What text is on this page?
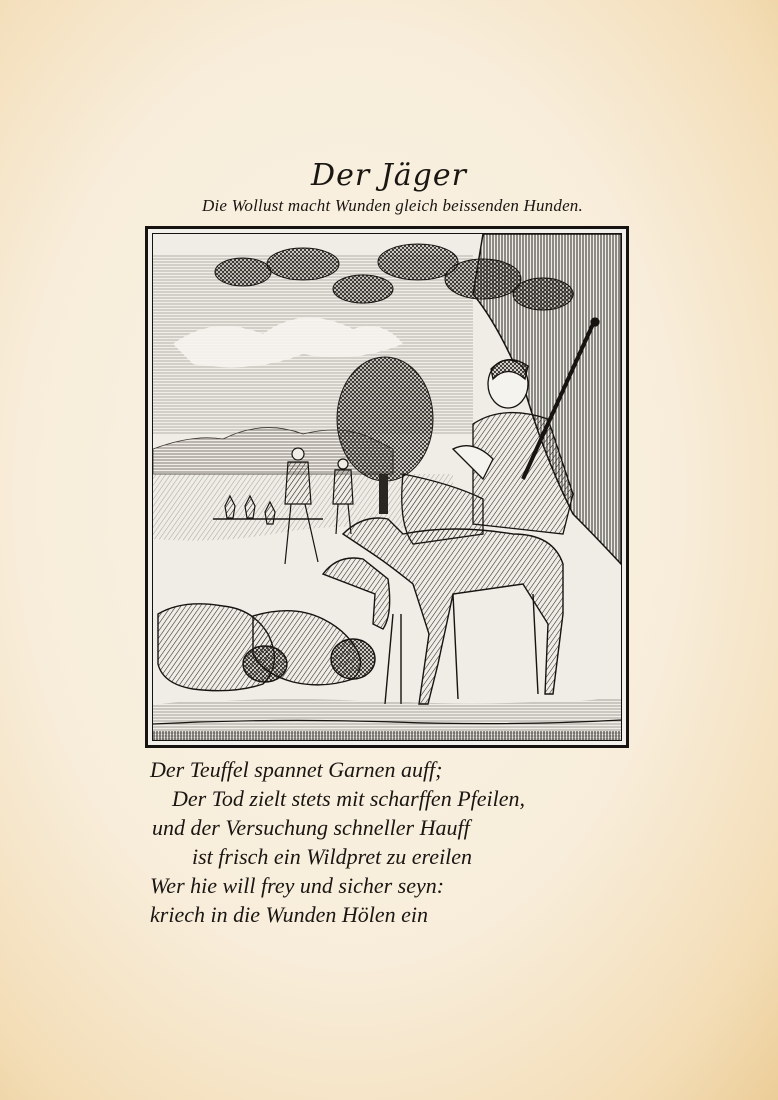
Der Jäger
Die Wollust macht Wunden gleich beissenden Hunden.
Der Teuffel spannet Garnen auff;
Der Tod zielt stets mit scharffen Pfeilen,
und der Versuchung schneller Hauff
ist frisch ein Wildpret zu ereilen
Wer hie will frey und sicher seyn:
kriech in die Wunden Hölen ein
